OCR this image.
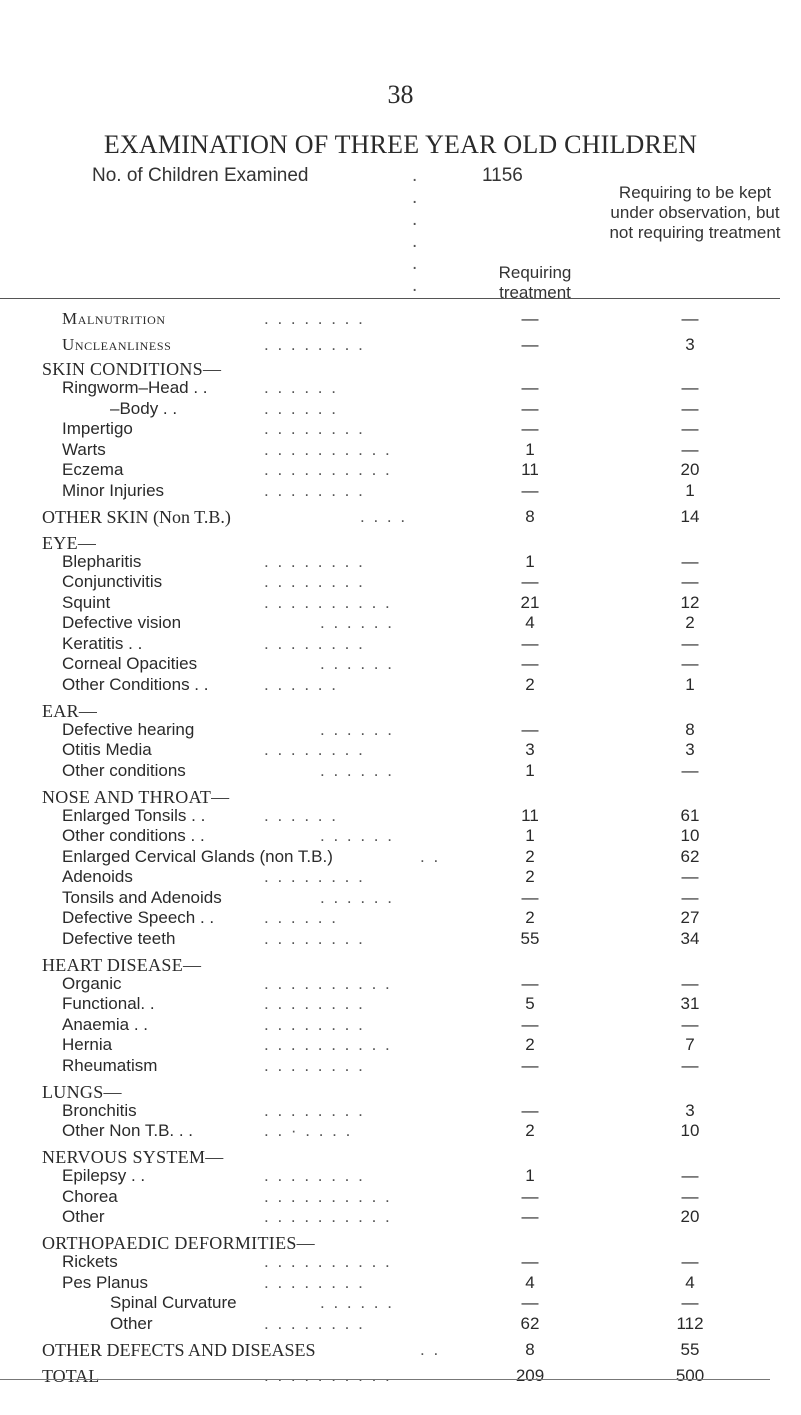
38
EXAMINATION OF THREE YEAR OLD CHILDREN
No. of Children Examined	. . . . . .
1156
Requiring treatment
Requiring to be kept under observation, but not requiring treatment
Malnutrition	. . . . . . . .	—	—
Uncleanliness	. . . . . . . .	—	3
SKIN CONDITIONS—
Ringworm–Head . .	. . . . . .	—	—
–Body . .	. . . . . .	—	—
Impertigo	. . . . . . . .	—	—
Warts	. . . . . . . . . .	1	—
Eczema	. . . . . . . . . .	11	20
Minor Injuries	. . . . . . . .	—	1
OTHER SKIN (Non T.B.)	. . . .	8	14
EYE—
Blepharitis	. . . . . . . .	1	—
Conjunctivitis	. . . . . . . .	—	—
Squint	. . . . . . . . . .	21	12
Defective vision	. . . . . .	4	2
Keratitis . .	. . . . . . . .	—	—
Corneal Opacities	. . . . . .	—	—
Other Conditions . .	. . . . . .	2	1
EAR—
Defective hearing	. . . . . .	—	8
Otitis Media	. . . . . . . .	3	3
Other conditions	. . . . . .	1	—
NOSE AND THROAT—
Enlarged Tonsils . .	. . . . . .	11	61
Other conditions . .	. . . . . .	1	10
Enlarged Cervical Glands (non T.B.)	. .	2	62
Adenoids	. . . . . . . .	2	—
Tonsils and Adenoids	. . . . . .	—	—
Defective Speech . .	. . . . . .	2	27
Defective teeth	. . . . . . . .	55	34
HEART DISEASE—
Organic	. . . . . . . . . .	—	—
Functional. .	. . . . . . . .	5	31
Anaemia . .	. . . . . . . .	—	—
Hernia	. . . . . . . . . .	2	7
Rheumatism	. . . . . . . .	—	—
LUNGS—
Bronchitis	. . . . . . . .	—	3
Other Non T.B. . .	. . · . . . .	2	10
NERVOUS SYSTEM—
Epilepsy . .	. . . . . . . .	1	—
Chorea	. . . . . . . . . .	—	—
Other	. . . . . . . . . .	—	20
ORTHOPAEDIC DEFORMITIES—
Rickets	. . . . . . . . . .	—	—
Pes Planus	. . . . . . . .	4	4
Spinal Curvature	. . . . . .	—	—
Other	. . . . . . . .	62	112
OTHER DEFECTS AND DISEASES	. .	8	55
TOTAL	. . . . . . . . . .	209	500
